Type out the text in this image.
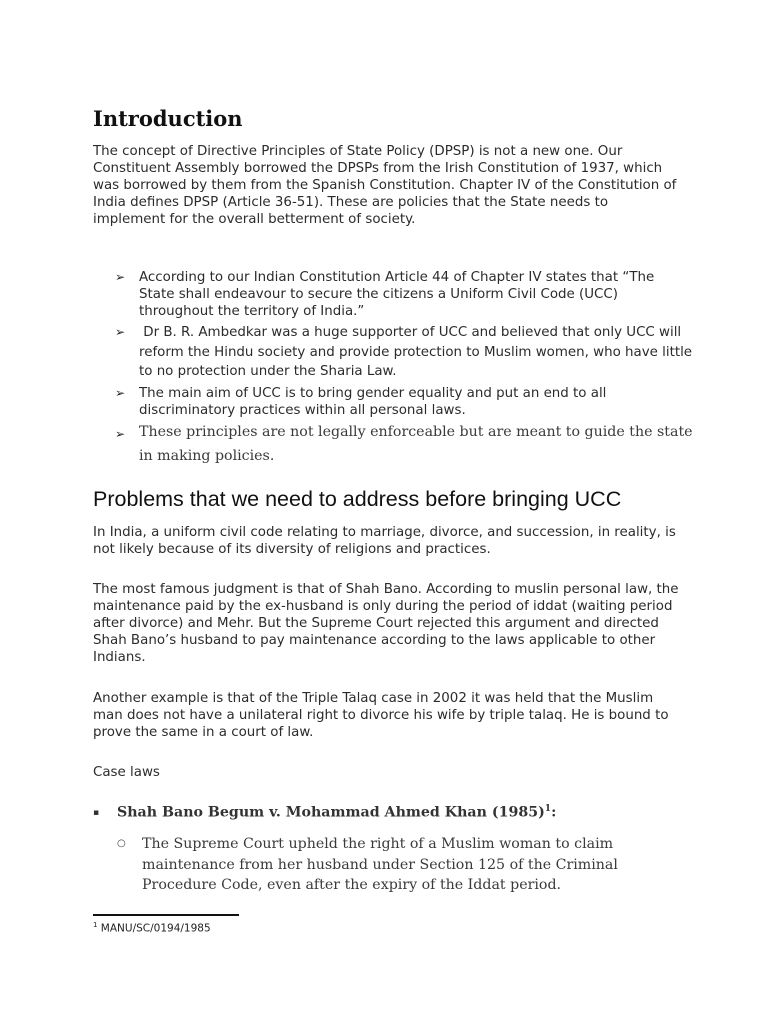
Introduction

The concept of Directive Principles of State Policy (DPSP) is not a new one. Our Constituent Assembly borrowed the DPSPs from the Irish Constitution of 1937, which was borrowed by them from the Spanish Constitution. Chapter IV of the Constitution of India defines DPSP (Article 36-51). These are policies that the State needs to implement for the overall betterment of society.

➢ According to our Indian Constitution Article 44 of Chapter IV states that “The State shall endeavour to secure the citizens a Uniform Civil Code (UCC) throughout the territory of India.”
➢ Dr B. R. Ambedkar was a huge supporter of UCC and believed that only UCC will reform the Hindu society and provide protection to Muslim women, who have little to no protection under the Sharia Law.
➢ The main aim of UCC is to bring gender equality and put an end to all discriminatory practices within all personal laws.
➢ These principles are not legally enforceable but are meant to guide the state in making policies.
Problems that we need to address before bringing UCC

In India, a uniform civil code relating to marriage, divorce, and succession, in reality, is not likely because of its diversity of religions and practices.

The most famous judgment is that of Shah Bano. According to muslin personal law, the maintenance paid by the ex-husband is only during the period of iddat (waiting period after divorce) and Mehr. But the Supreme Court rejected this argument and directed Shah Bano’s husband to pay maintenance according to the laws applicable to other Indians.

Another example is that of the Triple Talaq case in 2002 it was held that the Muslim man does not have a unilateral right to divorce his wife by triple talaq. He is bound to prove the same in a court of law.

Case laws

▪ Shah Bano Begum v. Mohammad Ahmed Khan $(1985)^1$:
○ The Supreme Court upheld the right of a Muslim woman to claim maintenance from her husband under Section 125 of the Criminal Procedure Code, even after the expiry of the Iddat period.
$^1$ MANU/SC/0194/1985
